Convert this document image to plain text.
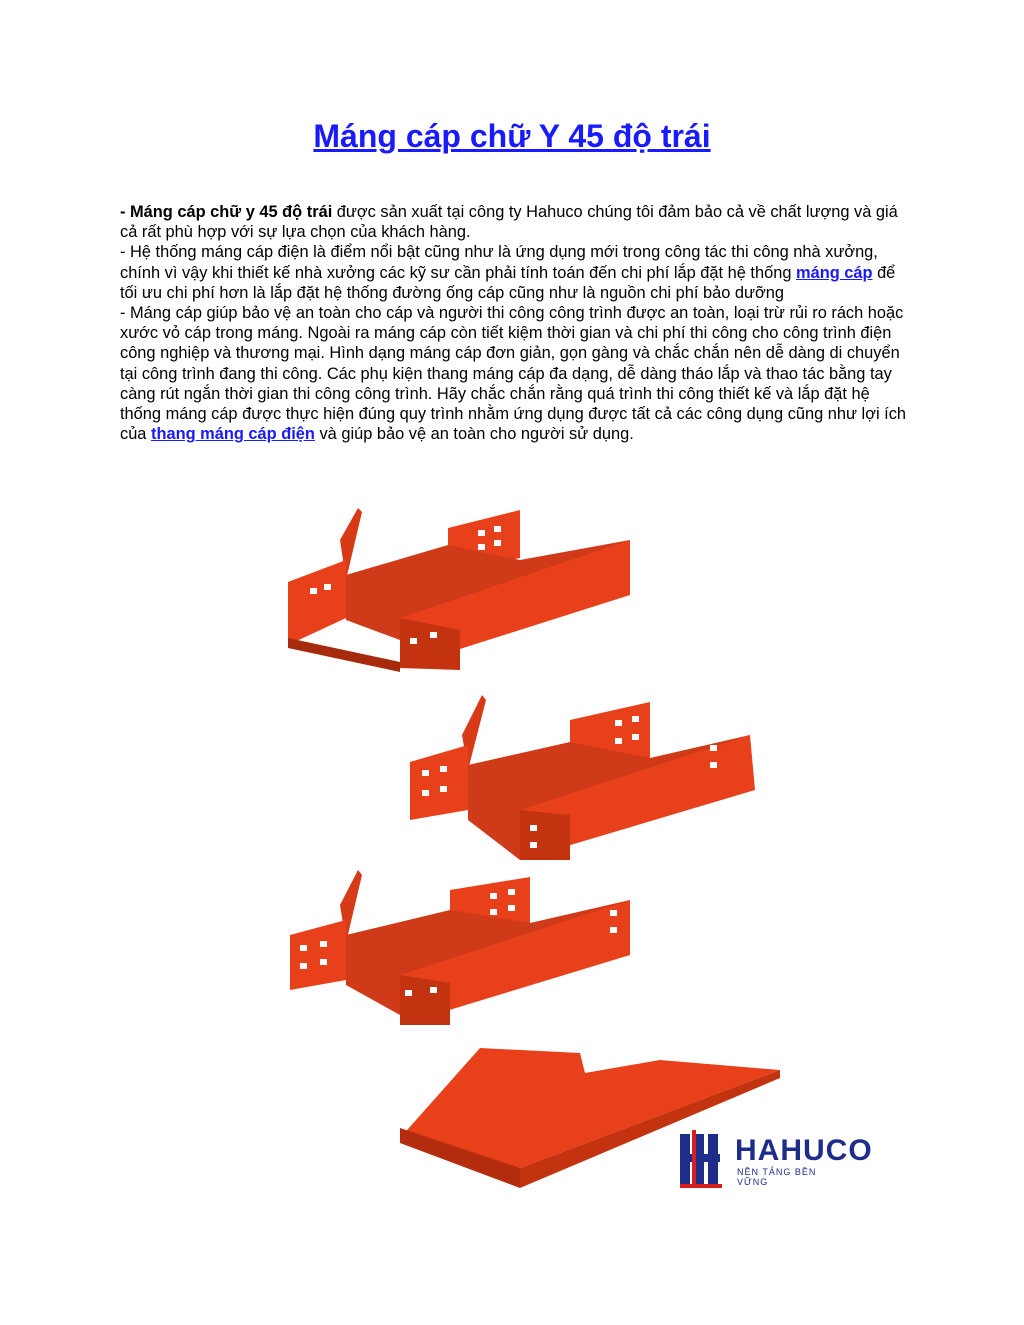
Máng cáp chữ Y 45 độ trái

- Máng cáp chữ y 45 độ trái được sản xuất tại công ty Hahuco chúng tôi đảm bảo cả về chất lượng và giá cả rất phù hợp với sự lựa chọn của khách hàng.

- Hệ thống máng cáp điện là điểm nổi bật cũng như là ứng dụng mới trong công tác thi công nhà xưởng, chính vì vậy khi thiết kế nhà xưởng các kỹ sư cần phải tính toán đến chi phí lắp đặt hệ thống máng cáp để tối ưu chi phí hơn là lắp đặt hệ thống đường ống cáp cũng như là nguồn chi phí bảo dưỡng

- Máng cáp giúp bảo vệ an toàn cho cáp và người thi công công trình được an toàn, loại trừ rủi ro rách hoặc xước vỏ cáp trong máng. Ngoài ra máng cáp còn tiết kiệm thời gian và chi phí thi công cho công trình điện công nghiệp và thương mại. Hình dạng máng cáp đơn giản, gọn gàng và chắc chắn nên dễ dàng di chuyển tại công trình đang thi công. Các phụ kiện thang máng cáp đa dạng, dễ dàng tháo lắp và thao tác bằng tay càng rút ngắn thời gian thi công công trình. Hãy chắc chắn rằng quá trình thi công thiết kế và lắp đặt hệ thống máng cáp được thực hiện đúng quy trình nhằm ứng dụng được tất cả các công dụng cũng như lợi ích của thang máng cáp điện và giúp bảo vệ an toàn cho người sử dụng.

HAHUCO
NỀN TẢNG BỀN VỮNG
